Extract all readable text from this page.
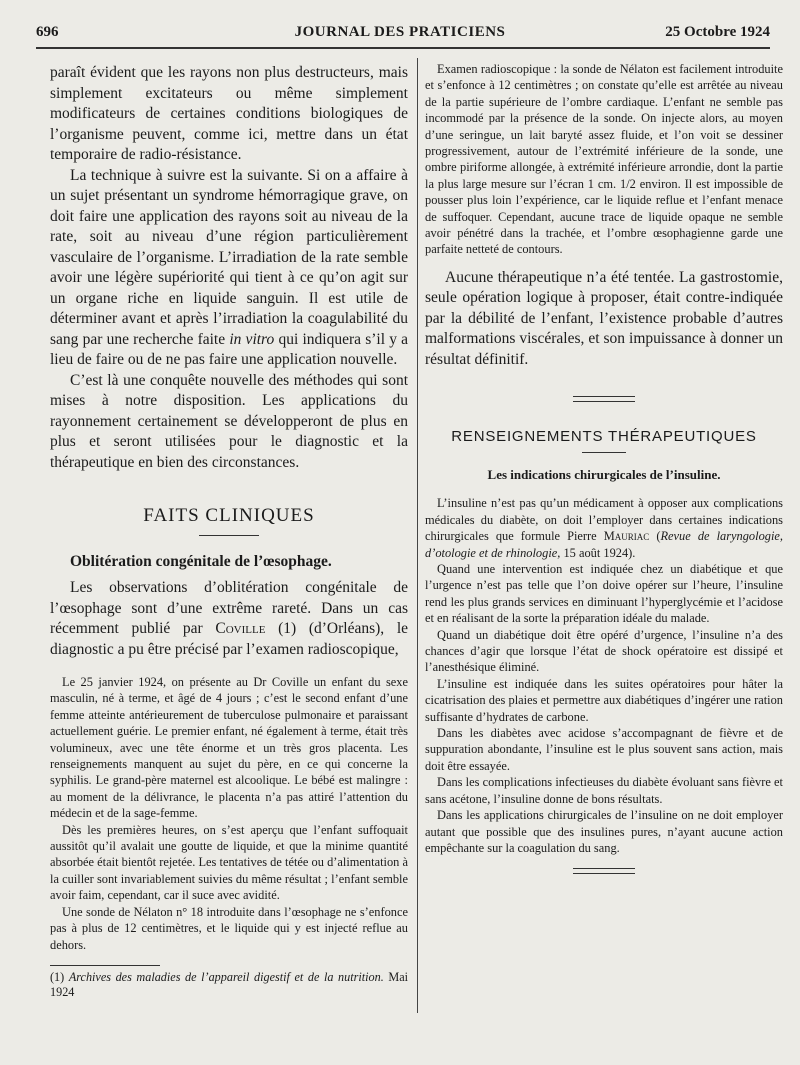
696	JOURNAL DES PRATICIENS	25 Octobre 1924

paraît évident que les rayons non plus destructeurs, mais simplement excitateurs ou même simplement modificateurs de certaines conditions biologiques de l’organisme peuvent, comme ici, mettre dans un état temporaire de radio-résistance.

La technique à suivre est la suivante. Si on a affaire à un sujet présentant un syndrome hémorragique grave, on doit faire une application des rayons soit au niveau de la rate, soit au niveau d’une région particulièrement vasculaire de l’organisme. L’irradiation de la rate semble avoir une légère supériorité qui tient à ce qu’on agit sur un organe riche en liquide sanguin. Il est utile de déterminer avant et après l’irradiation la coagulabilité du sang par une recherche faite in vitro qui indiquera s’il y a lieu de faire ou de ne pas faire une application nouvelle.

C’est là une conquête nouvelle des méthodes qui sont mises à notre disposition. Les applications du rayonnement certainement se développeront de plus en plus et seront utilisées pour le diagnostic et la thérapeutique en bien des circonstances.

FAITS CLINIQUES
Oblitération congénitale de l’œsophage.

Les observations d’oblitération congénitale de l’œsophage sont d’une extrême rareté. Dans un cas récemment publié par Coville (1) (d’Orléans), le diagnostic a pu être précisé par l’examen radioscopique,

Le 25 janvier 1924, on présente au Dr Coville un enfant du sexe masculin, né à terme, et âgé de 4 jours ; c’est le second enfant d’une femme atteinte antérieurement de tuberculose pulmonaire et paraissant actuellement guérie. Le premier enfant, né également à terme, était très volumineux, avec une tête énorme et un très gros placenta. Les renseignements manquent au sujet du père, en ce qui concerne la syphilis. Le grand-père maternel est alcoolique. Le bébé est malingre : au moment de la délivrance, le placenta n’a pas attiré l’attention du médecin et de la sage-femme.

Dès les premières heures, on s’est aperçu que l’enfant suffoquait aussitôt qu’il avalait une goutte de liquide, et que la minime quantité absorbée était bientôt rejetée. Les tentatives de tétée ou d’alimentation à la cuiller sont invariablement suivies du même résultat ; l’enfant semble avoir faim, cependant, car il suce avec avidité.

Une sonde de Nélaton n° 18 introduite dans l’œsophage ne s’enfonce pas à plus de 12 centimètres, et le liquide qui y est injecté reflue au dehors.

(1) Archives des maladies de l’appareil digestif et de la nutrition. Mai 1924

Examen radioscopique : la sonde de Nélaton est facilement introduite et s’enfonce à 12 centimètres ; on constate qu’elle est arrêtée au niveau de la partie supérieure de l’ombre cardiaque. L’enfant ne semble pas incommodé par la présence de la sonde. On injecte alors, au moyen d’une seringue, un lait baryté assez fluide, et l’on voit se dessiner progressivement, autour de l’extrémité inférieure de la sonde, une ombre piriforme allongée, à extrémité inférieure arrondie, dont la partie la plus large mesure sur l’écran 1 cm. 1/2 environ. Il est impossible de pousser plus loin l’expérience, car le liquide reflue et l’enfant menace de suffoquer. Cependant, aucune trace de liquide opaque ne semble avoir pénétré dans la trachée, et l’ombre œsophagienne garde une parfaite netteté de contours.

Aucune thérapeutique n’a été tentée. La gastrostomie, seule opération logique à proposer, était contre-indiquée par la débilité de l’enfant, l’existence probable d’autres malformations viscérales, et son impuissance à donner un résultat définitif.

RENSEIGNEMENTS THÉRAPEUTIQUES
Les indications chirurgicales de l’insuline.

L’insuline n’est pas qu’un médicament à opposer aux complications médicales du diabète, on doit l’employer dans certaines indications chirurgicales que formule Pierre Mauriac (Revue de laryngologie, d’otologie et de rhinologie, 15 août 1924).

Quand une intervention est indiquée chez un diabétique et que l’urgence n’est pas telle que l’on doive opérer sur l’heure, l’insuline rend les plus grands services en diminuant l’hyperglycémie et l’acidose et en réalisant de la sorte la préparation idéale du malade.

Quand un diabétique doit être opéré d’urgence, l’insuline n’a des chances d’agir que lorsque l’état de shock opératoire est dissipé et l’anesthésique éliminé.

L’insuline est indiquée dans les suites opératoires pour hâter la cicatrisation des plaies et permettre aux diabétiques d’ingérer une ration suffisante d’hydrates de carbone.

Dans les diabètes avec acidose s’accompagnant de fièvre et de suppuration abondante, l’insuline est le plus souvent sans action, mais doit être essayée.

Dans les complications infectieuses du diabète évoluant sans fièvre et sans acétone, l’insuline donne de bons résultats.

Dans les applications chirurgicales de l’insuline on ne doit employer autant que possible que des insulines pures, n’ayant aucune action empêchante sur la coagulation du sang.
